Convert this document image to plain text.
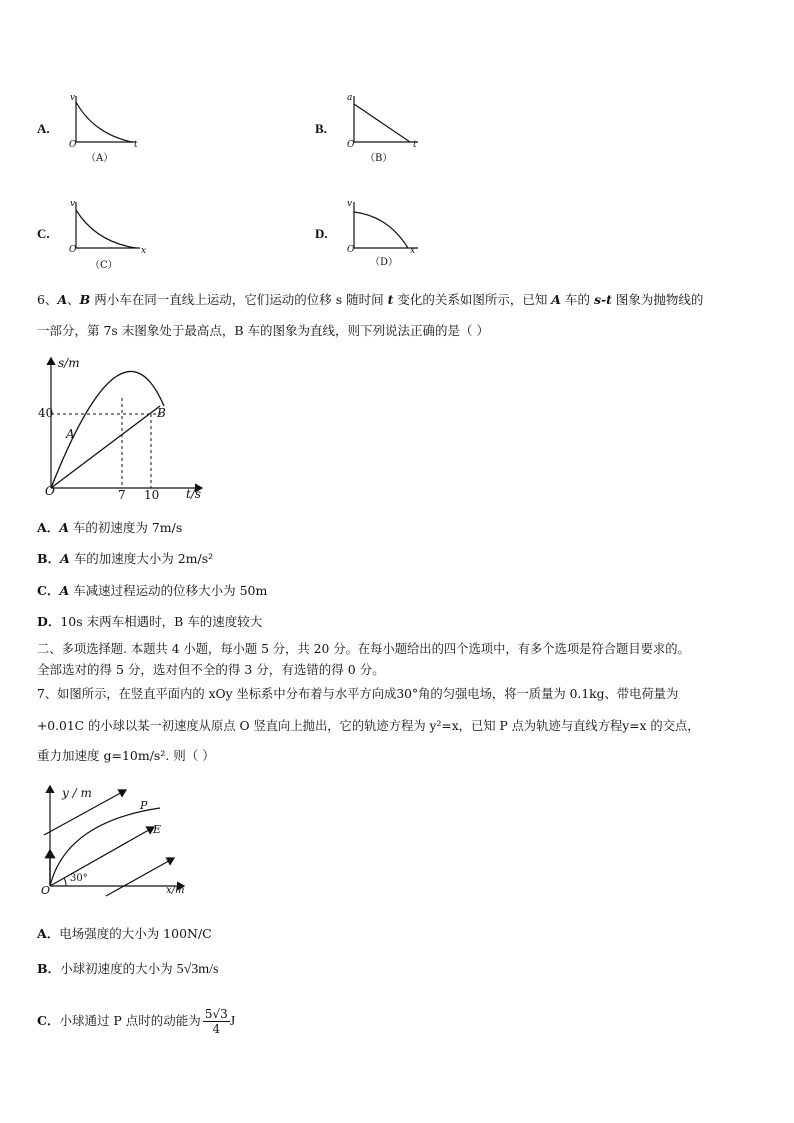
A.
v
O	t
（A）
B.
a
O	t
（B）
C.
v
O	x
（C）
D.
v
O	x
（D）
6、A、B 两小车在同一直线上运动，它们运动的位移 s 随时间 t 变化的关系如图所示，已知 A 车的 s-t 图象为抛物线的
一部分，第 7s 末图象处于最高点，B 车的图象为直线，则下列说法正确的是（ ）
s/m
40
A
B
O	7 10 t/s
A．A 车的初速度为 7m/s
B．A 车的加速度大小为 2m/s²
C．A 车减速过程运动的位移大小为 50m
D．10s 末两车相遇时，B 车的速度较大
二、多项选择题. 本题共 4 小题，每小题 5 分，共 20 分。在每小题给出的四个选项中，有多个选项是符合题目要求的。
全部选对的得 5 分，选对但不全的得 3 分，有选错的得 0 分。
7、如图所示，在竖直平面内的 xOy 坐标系中分布着与水平方向成30°角的匀强电场，将一质量为 0.1kg、带电荷量为
+0.01C 的小球以某一初速度从原点 O 竖直向上抛出，它的轨迹方程为 y²=x，已知 P 点为轨迹与直线方程y=x 的交点，
重力加速度 g=10m/s². 则（ ）
y / m
P
E
O
30°
x/m
A．电场强度的大小为 100N/C
B．小球初速度的大小为 5√3m/s
C．小球通过 P 点时的动能为 $\frac{5√3}{4}$ J
